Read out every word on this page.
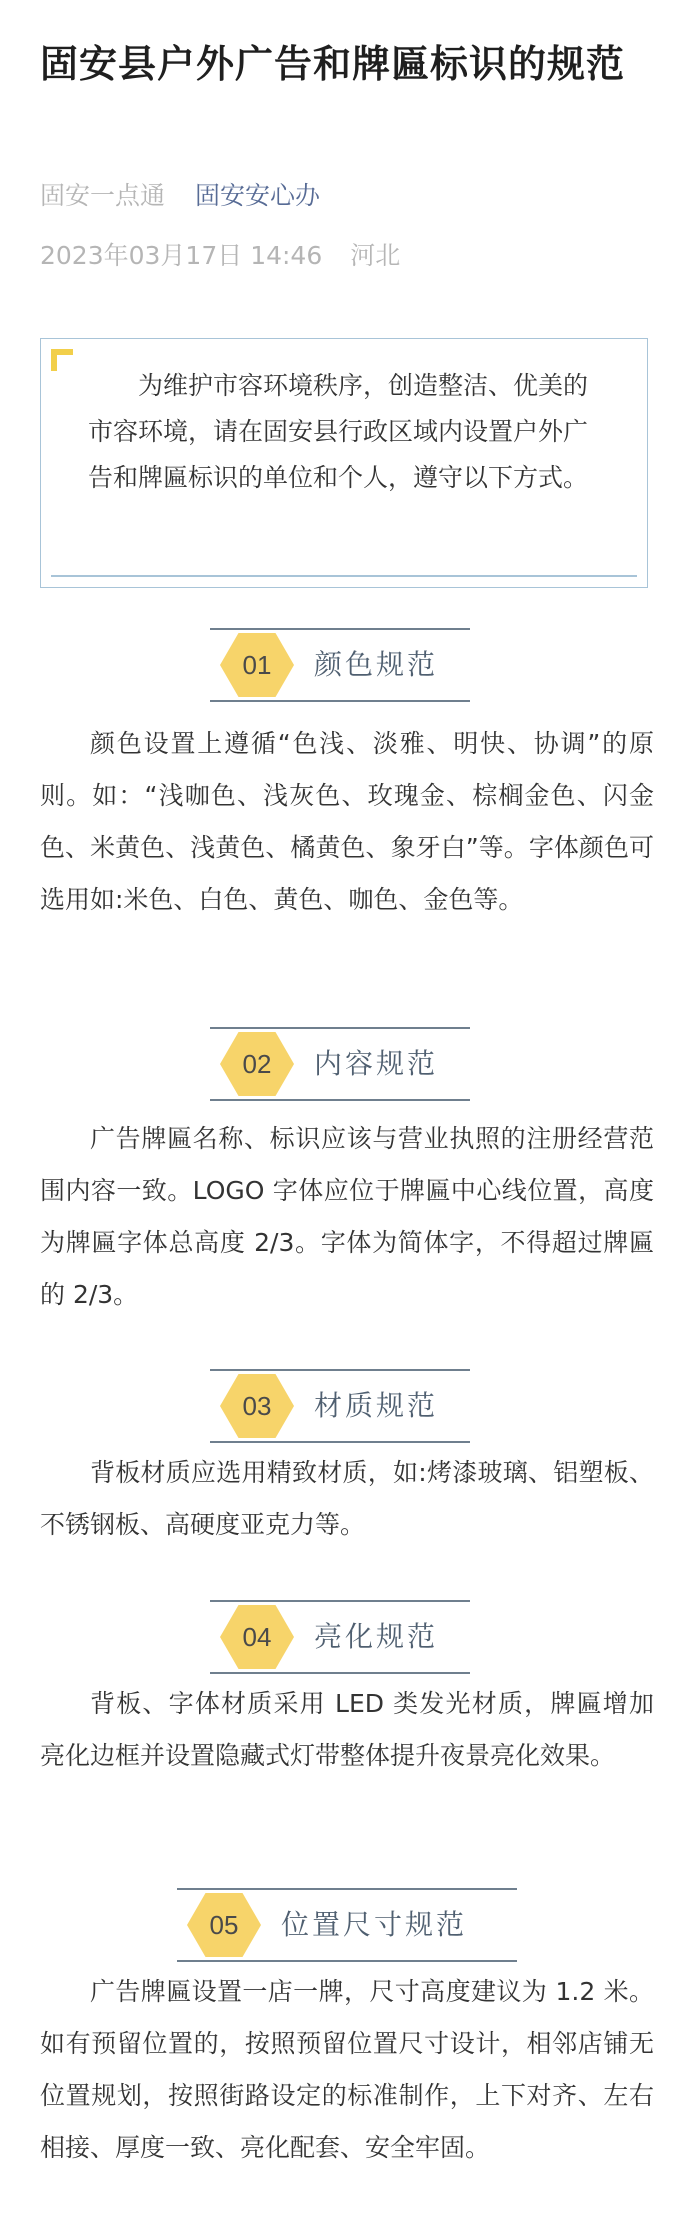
固安县户外广告和牌匾标识的规范
固安一点通 固安安心办
2023年03月17日 14:46 河北

为维护市容环境秩序，创造整洁、优美的市容环境，请在固安县行政区域内设置户外广告和牌匾标识的单位和个人，遵守以下方式。

01	颜色规范

颜色设置上遵循“色浅、淡雅、明快、协调”的原则。如：“浅咖色、浅灰色、玫瑰金、棕榈金色、闪金色、米黄色、浅黄色、橘黄色、象牙白”等。字体颜色可选用如:米色、白色、黄色、咖色、金色等。

02	内容规范

广告牌匾名称、标识应该与营业执照的注册经营范围内容一致。LOGO 字体应位于牌匾中心线位置，高度为牌匾字体总高度 2/3。字体为简体字，不得超过牌匾的 2/3。

03	材质规范

背板材质应选用精致材质，如:烤漆玻璃、铝塑板、不锈钢板、高硬度亚克力等。

04	亮化规范

背板、字体材质采用 LED 类发光材质，牌匾增加亮化边框并设置隐藏式灯带整体提升夜景亮化效果。

05	位置尺寸规范

广告牌匾设置一店一牌，尺寸高度建议为 1.2 米。如有预留位置的，按照预留位置尺寸设计，相邻店铺无位置规划，按照街路设定的标准制作，上下对齐、左右相接、厚度一致、亮化配套、安全牢固。
